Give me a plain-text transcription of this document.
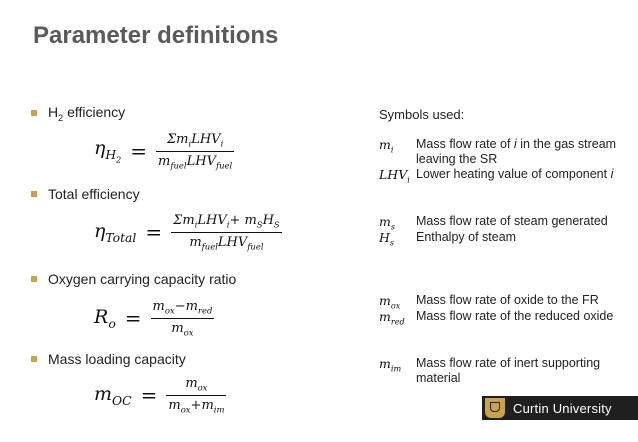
Parameter definitions
$H_2$ efficiency
$\eta_{H_2} = \frac{\Sigma m_iLHV_i}{m_{fuel}LHV_{fuel}}$
Total efficiency
$\eta_{Total} = \frac{\Sigma m_iLHV_i+ m_SH_S}{m_{fuel}LHV_{fuel}}$
Oxygen carrying capacity ratio
$R_o = \frac{m_{ox}-m_{red}}{m_{ox}}$
Mass loading capacity
$m_{OC} = \frac{m_{ox}}{m_{ox}+m_{im}}$
Symbols used:
$m_i$ Mass flow rate of i in the gas stream leaving the SR
$LHV_i$ Lower heating value of component i
$m_s$ Mass flow rate of steam generated
$H_s$ Enthalpy of steam
$m_{ox}$ Mass flow rate of oxide to the FR
$m_{red}$ Mass flow rate of the reduced oxide
$m_{im}$ Mass flow rate of inert supporting material
Curtin University
